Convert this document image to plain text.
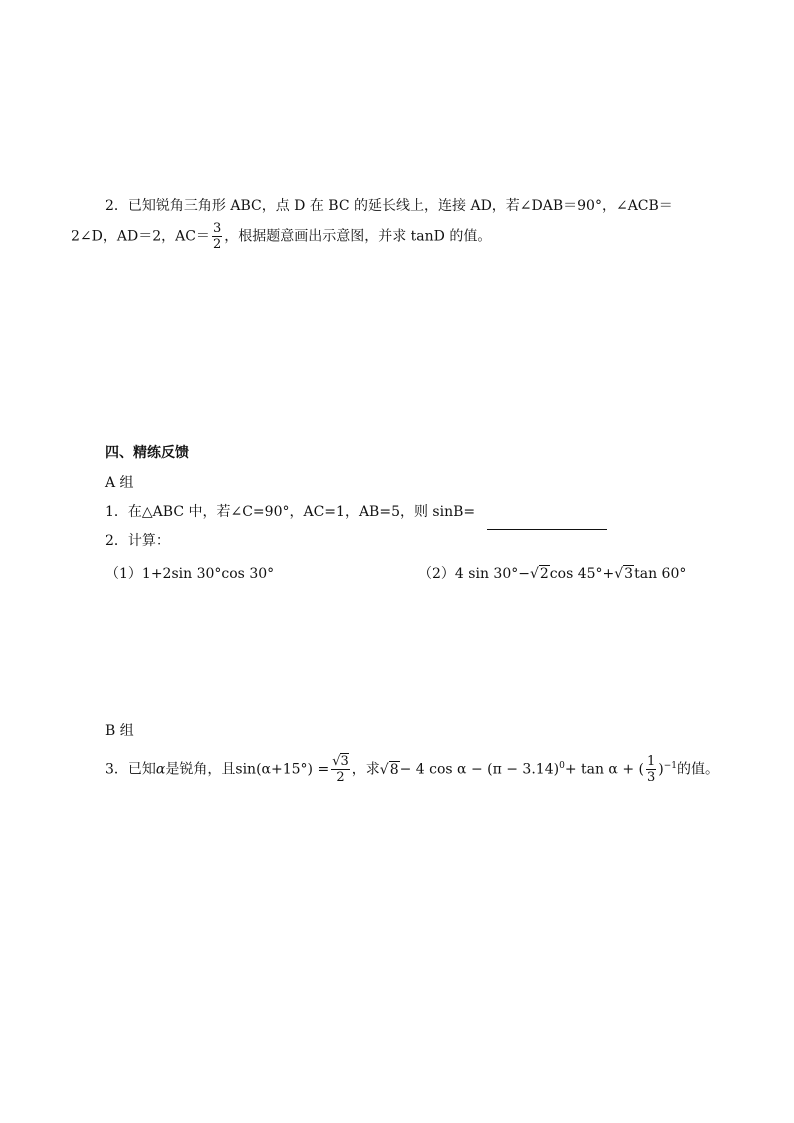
2．已知锐角三角形 ABC，点 D 在 BC 的延长线上，连接 AD，若∠DAB＝90°，∠ACB＝
2∠D，AD＝2，$AC= \frac{3}{2}$ ，根据题意画出示意图，并求 tanD 的值。
四、精练反馈
A 组
1．在△ABC 中，若∠C=90°，AC=1，AB=5，则 sinB=
2．计算：
（1）1+2sin 30°cos 30°	（2）4 sin 30°−√2cos 45°+√3tan 60°
B 组
3．已知α是锐角，且$\sin(\alpha+15^\circ) = \frac{√3}{2}$ ，求√8− 4 $\cos \alpha - (\pi - 3.14)^0+ \tan \alpha$ + ( $\frac{1}{3} )^{-1}$的值。
